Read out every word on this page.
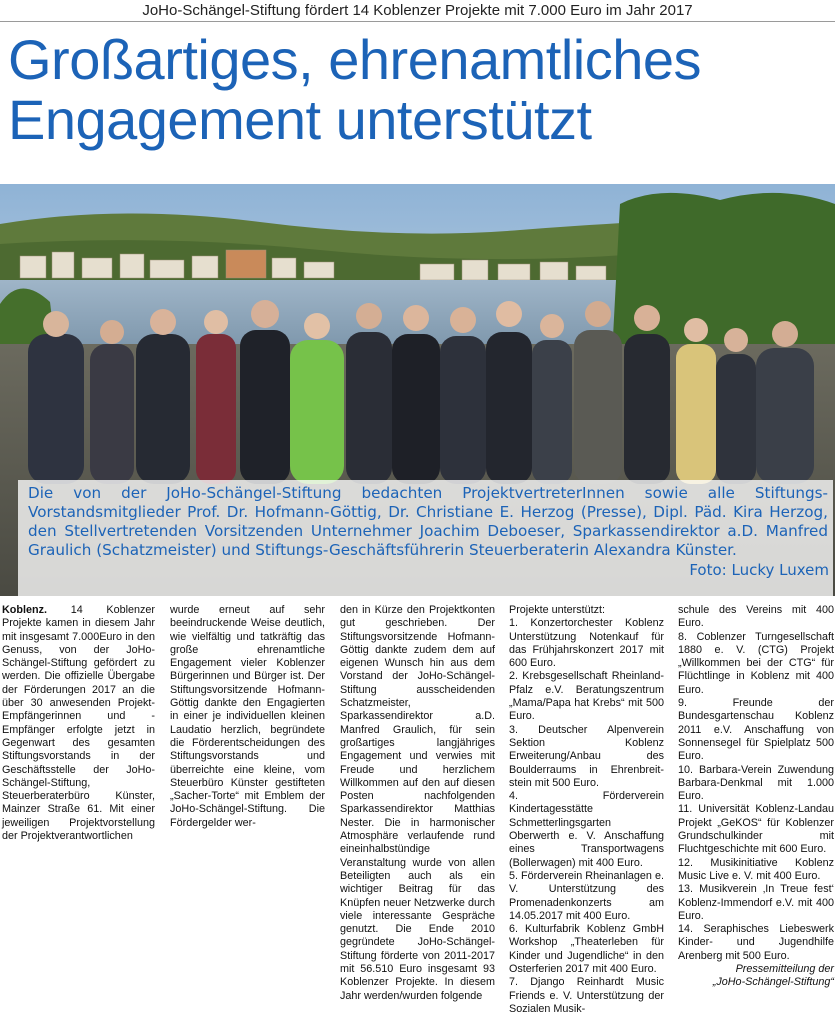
JoHo-Schängel-Stiftung fördert 14 Koblenzer Projekte mit 7.000 Euro im Jahr 2017
Großartiges, ehrenamtliches
Engagement unterstützt
Die von der JoHo-Schängel-Stiftung bedachten ProjektvertreterInnen sowie alle Stiftungs-Vorstandsmitglieder Prof. Dr. Hofmann-Göttig, Dr. Christiane E. Herzog (Presse), Dipl. Päd. Kira Herzog, den Stellvertretenden Vorsitzenden Unternehmer Joachim Deboeser, Sparkassendirektor a.D. Manfred Graulich (Schatzmeister) und Stiftungs-Geschäftsführerin Steuerberaterin Alexandra Künster.
Foto: Lucky Luxem

Koblenz. 14 Koblenzer Projekte kamen in diesem Jahr mit insgesamt 7.000Euro in den Genuss, von der JoHo-Schängel-Stiftung gefördert zu werden. Die offizielle Übergabe der Förderungen 2017 an die über 30 anwesenden Projekt-Empfängerinnen und -Empfänger erfolgte jetzt in Gegenwart des gesamten Stiftungsvorstands in der Geschäftsstelle der JoHo-Schängel-Stiftung, Steuerberaterbüro Künster, Mainzer Straße 61. Mit einer jeweiligen Projektvorstellung der Projektverantwortlichen

wurde erneut auf sehr beeindruckende Weise deutlich, wie vielfältig und tatkräftig das große ehrenamtliche Engagement vieler Koblenzer Bürgerinnen und Bürger ist. Der Stiftungsvorsitzende Hofmann-Göttig dankte den Engagierten in einer je individuellen kleinen Laudatio herzlich, begründete die Förderentscheidungen des Stiftungsvorstands und überreichte eine kleine, vom Steuerbüro Künster gestifteten „Sacher-Torte“ mit Emblem der JoHo-Schängel-Stiftung. Die Fördergelder wer-

den in Kürze den Projektkonten gut geschrieben. Der Stiftungsvorsitzende Hofmann-Göttig dankte zudem dem auf eigenen Wunsch hin aus dem Vorstand der JoHo-Schängel-Stiftung ausscheidenden Schatzmeister, Sparkassendirektor a.D. Manfred Graulich, für sein großartiges langjähriges Engagement und verwies mit Freude und herzlichem Willkommen auf den auf diesen Posten nachfolgenden Sparkassendirektor Matthias Nester. Die in harmonischer Atmosphäre verlaufende rund eineinhalbstündige Veranstaltung wurde von allen Beteiligten auch als ein wichtiger Beitrag für das Knüpfen neuer Netzwerke durch viele interessante Gespräche genutzt. Die Ende 2010 gegründete JoHo-Schängel-Stiftung förderte von 2011-2017 mit 56.510 Euro insgesamt 93 Koblenzer Projekte. In diesem Jahr werden/wurden folgende

Projekte unterstützt:

1. Konzertorchester Koblenz Unterstützung Notenkauf für das Frühjahrskonzert 2017 mit 600 Euro.

2. Krebsgesellschaft Rheinland-Pfalz e.V. Beratungszentrum „Mama/Papa hat Krebs“ mit 500 Euro.

3. Deutscher Alpenverein Sektion Koblenz Erweiterung/Anbau des Boulderraums in Ehrenbreit-stein mit 500 Euro.

4. Förderverein Kindertagesstätte Schmetterlingsgarten Oberwerth e. V. Anschaffung eines Transportwagens (Bollerwagen) mit 400 Euro.

5. Förderverein Rheinanlagen e. V. Unterstützung des Promenadenkonzerts am 14.05.2017 mit 400 Euro.

6. Kulturfabrik Koblenz GmbH Workshop „Theaterleben für Kinder und Jugendliche“ in den Osterferien 2017 mit 400 Euro.

7. Django Reinhardt Music Friends e. V. Unterstützung der Sozialen Musik-

schule des Vereins mit 400 Euro.

8. Coblenzer Turngesellschaft 1880 e. V. (CTG) Projekt „Willkommen bei der CTG“ für Flüchtlinge in Koblenz mit 400 Euro.

9. Freunde der Bundesgartenschau Koblenz 2011 e.V. Anschaffung von Sonnensegel für Spielplatz 500 Euro.

10. Barbara-Verein Zuwendung Barbara-Denkmal mit 1.000 Euro.

11. Universität Koblenz-Landau Projekt „GeKOS“ für Koblenzer Grundschulkinder mit Fluchtgeschichte mit 600 Euro.

12. Musikinitiative Koblenz Music Live e. V. mit 400 Euro.

13. Musikverein ‚In Treue fest‘ Koblenz-Immendorf e.V. mit 400 Euro.

14. Seraphisches Liebeswerk Kinder- und Jugendhilfe Arenberg mit 500 Euro.

Pressemitteilung der

„JoHo-Schängel-Stiftung“
